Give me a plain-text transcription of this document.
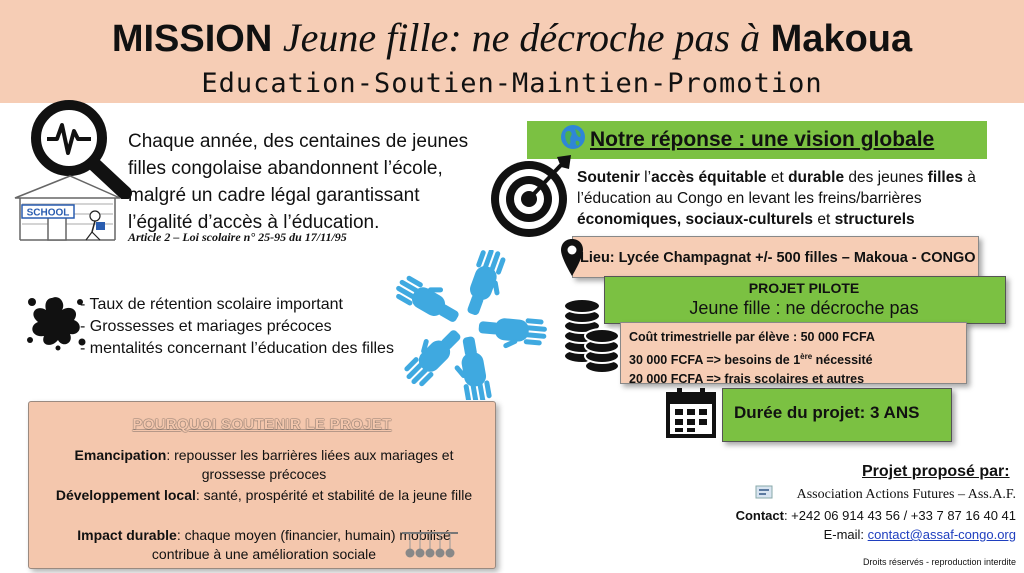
MISSION Jeune fille: ne décroche pas à Makoua
Education-Soutien-Maintien-Promotion
SCHOOL
Chaque année, des centaines de jeunes filles congolaise abandonnent l’école, malgré un cadre légal garantissant l’égalité d’accès à l’éducation.
Article 2 – Loi scolaire n° 25-95 du 17/11/95
- Taux de rétention scolaire important
- Grossesses et mariages précoces
- mentalités concernant l’éducation des filles
POURQUOI SOUTENIR LE PROJET
Emancipation: repousser les barrières liées aux mariages et grossesse précoces
Développement local: santé, prospérité et stabilité de la jeune fille
Impact durable: chaque moyen (financier, humain) mobilisé contribue à une amélioration sociale
Notre réponse : une vision globale
Soutenir l’accès équitable et durable des jeunes filles à l’éducation au Congo en levant les freins/barrières économiques, sociaux-culturels et structurels
Lieu: Lycée Champagnat +/- 500 filles – Makoua - CONGO
PROJET PILOTE
Jeune fille : ne décroche pas
Coût trimestrielle par élève : 50 000 FCFA
30 000 FCFA => besoins de 1ère nécessité
20 000 FCFA => frais scolaires et autres
Durée du projet: 3 ANS
Projet proposé par:
Association Actions Futures – Ass.A.F.
Contact: +242 06 914 43 56 / +33 7 87 16 40 41
E-mail: contact@assaf-congo.org
Droits réservés - reproduction interdite
